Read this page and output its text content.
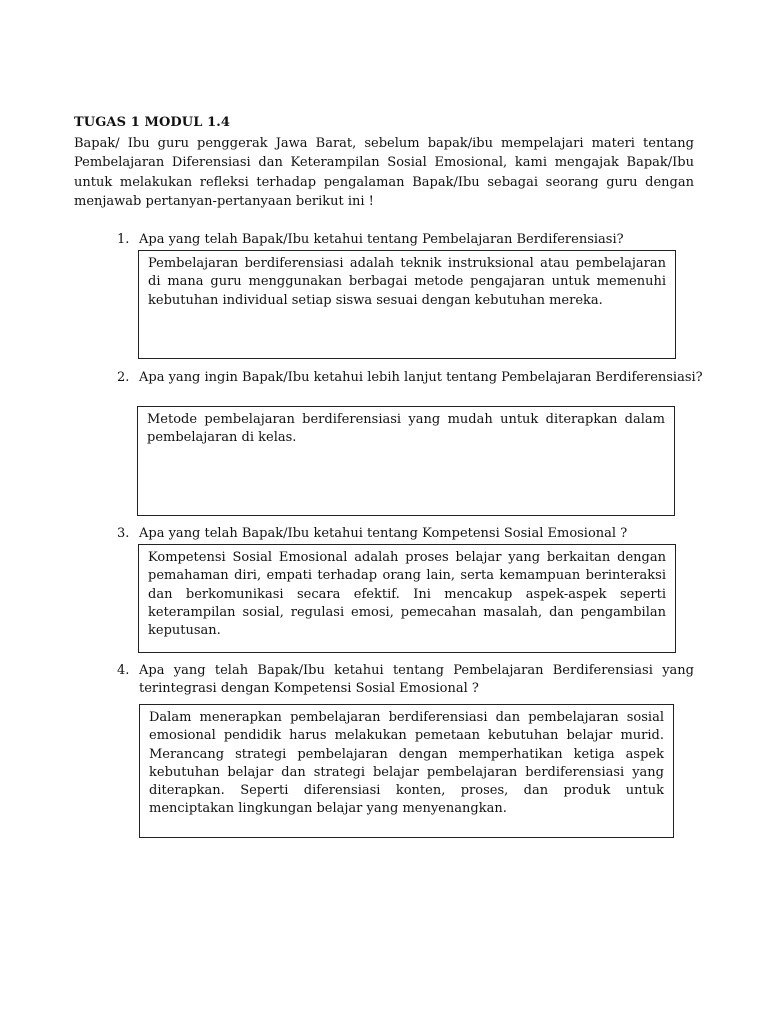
TUGAS 1 MODUL 1.4
Bapak/ Ibu guru penggerak Jawa Barat, sebelum bapak/ibu mempelajari materi tentang Pembelajaran Diferensiasi dan Keterampilan Sosial Emosional, kami mengajak Bapak/Ibu untuk melakukan refleksi terhadap pengalaman Bapak/Ibu sebagai seorang guru dengan menjawab pertanyan-pertanyaan berikut ini !
1. Apa yang telah Bapak/Ibu ketahui tentang Pembelajaran Berdiferensiasi?
Pembelajaran berdiferensiasi adalah teknik instruksional atau pembelajaran di mana guru menggunakan berbagai metode pengajaran untuk memenuhi kebutuhan individual setiap siswa sesuai dengan kebutuhan mereka.
2. Apa yang ingin Bapak/Ibu ketahui lebih lanjut tentang Pembelajaran Berdiferensiasi?
Metode pembelajaran berdiferensiasi yang mudah untuk diterapkan dalam pembelajaran di kelas.
3. Apa yang telah Bapak/Ibu ketahui tentang Kompetensi Sosial Emosional ?
Kompetensi Sosial Emosional adalah proses belajar yang berkaitan dengan pemahaman diri, empati terhadap orang lain, serta kemampuan berinteraksi dan berkomunikasi secara efektif. Ini mencakup aspek-aspek seperti keterampilan sosial, regulasi emosi, pemecahan masalah, dan pengambilan keputusan.
4. Apa yang telah Bapak/Ibu ketahui tentang Pembelajaran Berdiferensiasi yang terintegrasi dengan Kompetensi Sosial Emosional ?
Dalam menerapkan pembelajaran berdiferensiasi dan pembelajaran sosial emosional pendidik harus melakukan pemetaan kebutuhan belajar murid. Merancang strategi pembelajaran dengan memperhatikan ketiga aspek kebutuhan belajar dan strategi belajar pembelajaran berdiferensiasi yang diterapkan. Seperti diferensiasi konten, proses, dan produk untuk menciptakan lingkungan belajar yang menyenangkan.
